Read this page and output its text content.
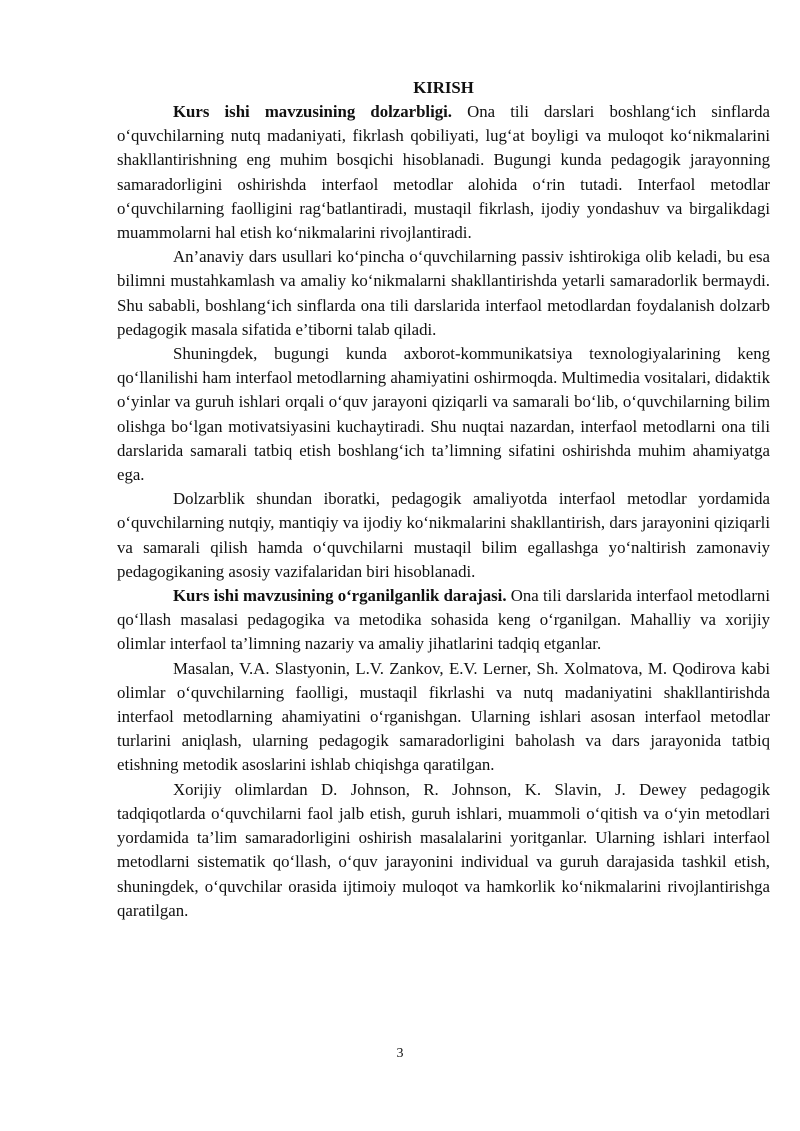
KIRISH

Kurs ishi mavzusining dolzarbligi. Ona tili darslari boshlang‘ich sinflarda o‘quvchilarning nutq madaniyati, fikrlash qobiliyati, lug‘at boyligi va muloqot ko‘nikmalarini shakllantirishning eng muhim bosqichi hisoblanadi. Bugungi kunda pedagogik jarayonning samaradorligini oshirishda interfaol metodlar alohida o‘rin tutadi. Interfaol metodlar o‘quvchilarning faolligini rag‘batlantiradi, mustaqil fikrlash, ijodiy yondashuv va birgalikdagi muammolarni hal etish ko‘nikmalarini rivojlantiradi.

An’anaviy dars usullari ko‘pincha o‘quvchilarning passiv ishtirokiga olib keladi, bu esa bilimni mustahkamlash va amaliy ko‘nikmalarni shakllantirishda yetarli samaradorlik bermaydi. Shu sababli, boshlang‘ich sinflarda ona tili darslarida interfaol metodlardan foydalanish dolzarb pedagogik masala sifatida e’tiborni talab qiladi.

Shuningdek, bugungi kunda axborot-kommunikatsiya texnologiyalarining keng qo‘llanilishi ham interfaol metodlarning ahamiyatini oshirmoqda. Multimedia vositalari, didaktik o‘yinlar va guruh ishlari orqali o‘quv jarayoni qiziqarli va samarali bo‘lib, o‘quvchilarning bilim olishga bo‘lgan motivatsiyasini kuchaytiradi. Shu nuqtai nazardan, interfaol metodlarni ona tili darslarida samarali tatbiq etish boshlang‘ich ta’limning sifatini oshirishda muhim ahamiyatga ega.

Dolzarblik shundan iboratki, pedagogik amaliyotda interfaol metodlar yordamida o‘quvchilarning nutqiy, mantiqiy va ijodiy ko‘nikmalarini shakllantirish, dars jarayonini qiziqarli va samarali qilish hamda o‘quvchilarni mustaqil bilim egallashga yo‘naltirish zamonaviy pedagogikaning asosiy vazifalaridan biri hisoblanadi.

Kurs ishi mavzusining o‘rganilganlik darajasi. Ona tili darslarida interfaol metodlarni qo‘llash masalasi pedagogika va metodika sohasida keng o‘rganilgan. Mahalliy va xorijiy olimlar interfaol ta’limning nazariy va amaliy jihatlarini tadqiq etganlar.

Masalan, V.A. Slastyonin, L.V. Zankov, E.V. Lerner, Sh. Xolmatova, M. Qodirova kabi olimlar o‘quvchilarning faolligi, mustaqil fikrlashi va nutq madaniyatini shakllantirishda interfaol metodlarning ahamiyatini o‘rganishgan. Ularning ishlari asosan interfaol metodlar turlarini aniqlash, ularning pedagogik samaradorligini baholash va dars jarayonida tatbiq etishning metodik asoslarini ishlab chiqishga qaratilgan.

Xorijiy olimlardan D. Johnson, R. Johnson, K. Slavin, J. Dewey pedagogik tadqiqotlarda o‘quvchilarni faol jalb etish, guruh ishlari, muammoli o‘qitish va o‘yin metodlari yordamida ta’lim samaradorligini oshirish masalalarini yoritganlar. Ularning ishlari interfaol metodlarni sistematik qo‘llash, o‘quv jarayonini individual va guruh darajasida tashkil etish, shuningdek, o‘quvchilar orasida ijtimoiy muloqot va hamkorlik ko‘nikmalarini rivojlantirishga qaratilgan.

3
